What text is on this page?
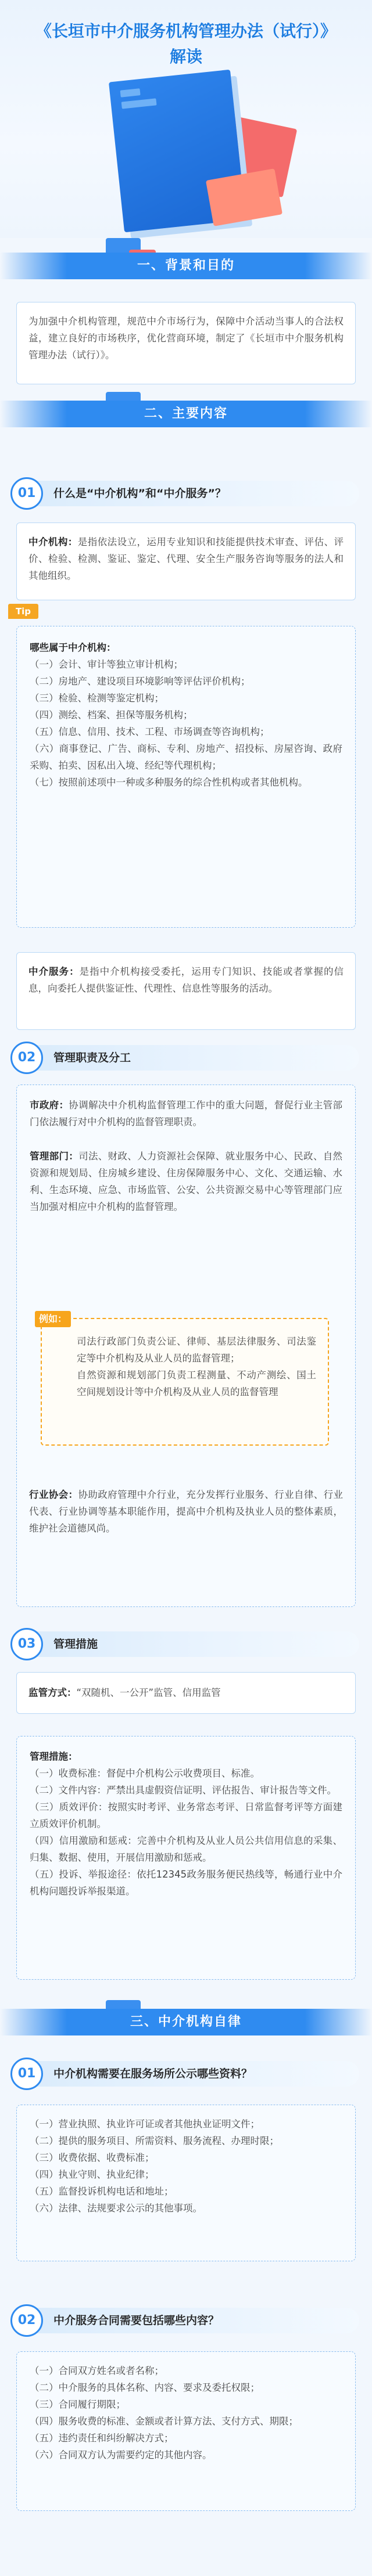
《长垣市中介服务机构管理办法（试行）》
解读
一、背景和目的

为加强中介机构管理，规范中介市场行为，保障中介活动当事人的合法权益，建立良好的市场秩序，优化营商环境，制定了《长垣市中介服务机构管理办法（试行）》。

二、主要内容
01	什么是“中介机构”和“中介服务”？

中介机构：是指依法设立，运用专业知识和技能提供技术审查、评估、评价、检验、检测、鉴证、鉴定、代理、安全生产服务咨询等服务的法人和其他组织。

哪些属于中介机构：

（一）会计、审计等独立审计机构；
（二）房地产、建设项目环境影响等评估评价机构；
（三）检验、检测等鉴定机构；
（四）测绘、档案、担保等服务机构；
（五）信息、信用、技术、工程、市场调查等咨询机构；
（六）商事登记、广告、商标、专利、房地产、招投标、房屋咨询、政府采购、拍卖、因私出入境、经纪等代理机构；
（七）按照前述项中一种或多种服务的综合性机构或者其他机构。
Tip

中介服务：是指中介机构接受委托，运用专门知识、技能或者掌握的信息，向委托人提供鉴证性、代理性、信息性等服务的活动。

02	管理职责及分工

市政府：协调解决中介机构监督管理工作中的重大问题，督促行业主管部门依法履行对中介机构的监督管理职责。

管理部门：司法、财政、人力资源社会保障、就业服务中心、民政、自然资源和规划局、住房城乡建设、住房保障服务中心、文化、交通运输、水利、生态环境、应急、市场监管、公安、公共资源交易中心等管理部门应当加强对相应中介机构的监督管理。

司法行政部门负责公证、律师、基层法律服务、司法鉴定等中介机构及从业人员的监督管理；

自然资源和规划部门负责工程测量、不动产测绘、国土空间规划设计等中介机构及从业人员的监督管理

例如：

行业协会：协助政府管理中介行业，充分发挥行业服务、行业自律、行业代表、行业协调等基本职能作用，提高中介机构及执业人员的整体素质，维护社会道德风尚。

03	管理措施

监管方式：“双随机、一公开”监管、信用监管

管理措施：

（一）收费标准：督促中介机构公示收费项目、标准。
（二）文件内容：严禁出具虚假资信证明、评估报告、审计报告等文件。
（三）质效评价：按照实时考评、业务常态考评、日常监督考评等方面建立质效评价机制。
（四）信用激励和惩戒：完善中介机构及从业人员公共信用信息的采集、归集、数据、使用，开展信用激励和惩戒。
（五）投诉、举报途径：依托12345政务服务便民热线等，畅通行业中介机构问题投诉举报渠道。
三、中介机构自律
01	中介机构需要在服务场所公示哪些资料？
（一）营业执照、执业许可证或者其他执业证明文件；
（二）提供的服务项目、所需资料、服务流程、办理时限；
（三）收费依据、收费标准；
（四）执业守则、执业纪律；
（五）监督投诉机构电话和地址；
（六）法律、法规要求公示的其他事项。
02	中介服务合同需要包括哪些内容？
（一）合同双方姓名或者名称；
（二）中介服务的具体名称、内容、要求及委托权限；
（三）合同履行期限；
（四）服务收费的标准、金额或者计算方法、支付方式、期限；
（五）违约责任和纠纷解决方式；
（六）合同双方认为需要约定的其他内容。
